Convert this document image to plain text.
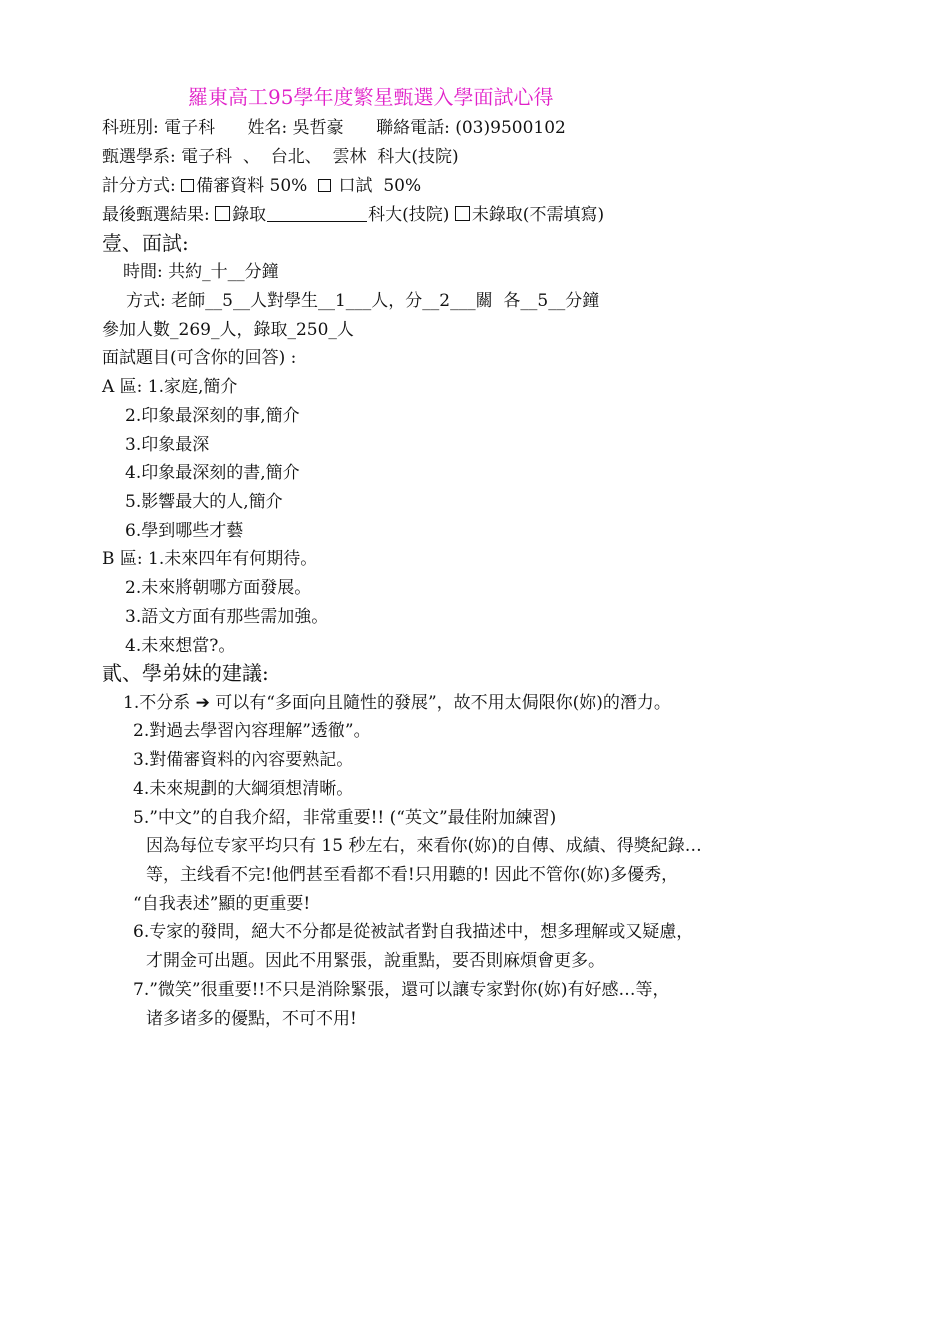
羅東高工95學年度繁星甄選入學面試心得
科班別: 電子科      姓名: 吳哲豪      聯絡電話: (03)9500102
甄選學系: 電子科  、  台北、  雲林  科大(技院)
計分方式: 備審資料 50%   口試  50%
最後甄選結果: 錄取	科大(技院) 未錄取(不需填寫)
壹、面試:
時間: 共約_十__分鐘
方式: 老師__5__人對學生__1___人，分__2___關  各__5__分鐘
參加人數_269_人，錄取_250_人
面試題目(可含你的回答) :
A 區: 1.家庭,簡介
2.印象最深刻的事,簡介
3.印象最深
4.印象最深刻的書,簡介
5.影響最大的人,簡介
6.學到哪些才藝
B 區: 1.未來四年有何期待。
2.未來將朝哪方面發展。
3.語文方面有那些需加強。
4.未來想當?。
貳、學弟妹的建議:
1.不分系 ➔ 可以有“多面向且隨性的發展”，故不用太侷限你(妳)的潛力。
2.對過去學習內容理解”透徹”。
3.對備審資料的內容要熟記。
4.未來規劃的大綱須想清晰。
5.”中文”的自我介紹，非常重要!! (“英文”最佳附加練習)
因為每位专家平均只有 15 秒左右，來看你(妳)的自傳、成績、得獎紀錄…
等，主线看不完!他們甚至看都不看!只用聽的! 因此不管你(妳)多優秀，
“自我表述”顯的更重要!
6.专家的發問，絕大不分都是從被試者對自我描述中，想多理解或又疑慮，
才開金可出題。因此不用緊張，說重點，要否則麻煩會更多。
7.”微笑”很重要!!不只是消除緊張，還可以讓专家對你(妳)有好感…等，
诸多诸多的優點，不可不用!
